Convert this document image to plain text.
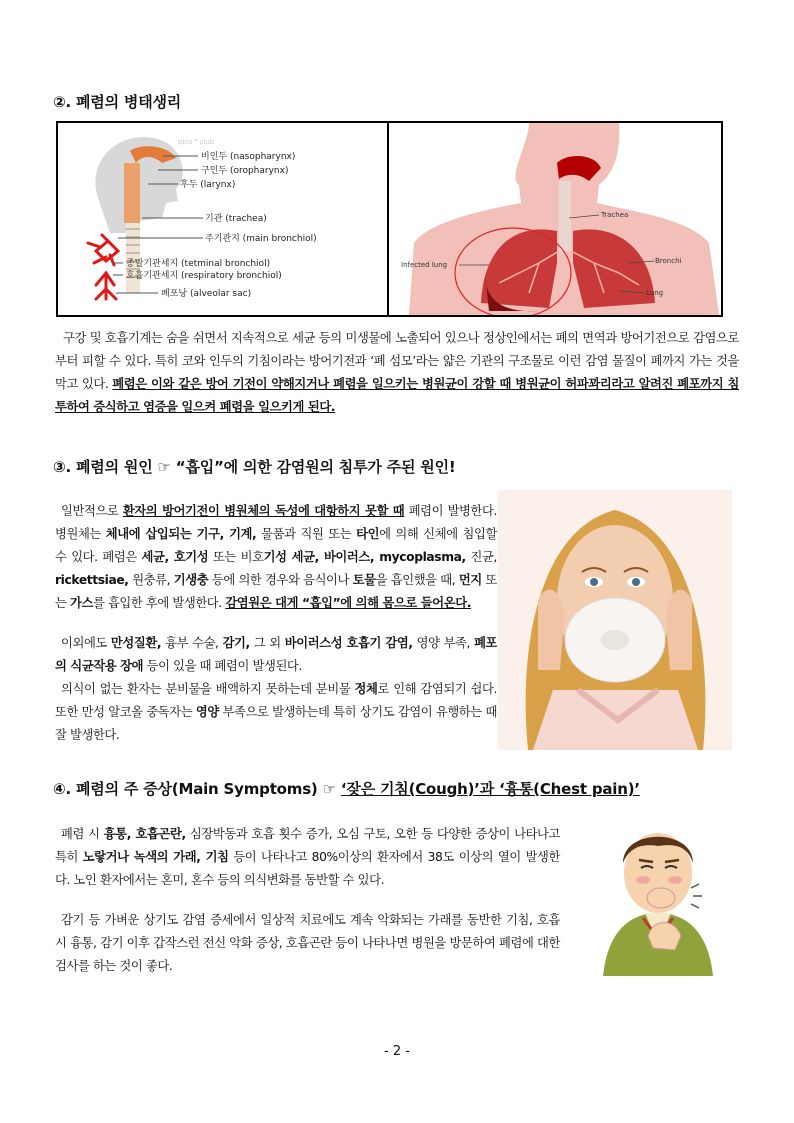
②. 폐렴의 병태생리
pico™club
비인두 (nasopharynx)
구인두 (oropharynx)
후두 (larynx)
기관 (trachea)
주기관지 (main bronchiol)
종말기관세지 (tetminal bronchiol)
호흡기관세지 (respiratory bronchiol)
폐포낭 (alveolar sac)
Trachea
Infected lung	Bronchi
Lung
구강 및 호흡기계는 숨을 쉬면서 지속적으로 세균 등의 미생물에 노출되어 있으나 정상인에서는 폐의 면역과 방어기전으로 감염으로부터 피할 수 있다. 특히 코와 인두의 기침이라는 방어기전과 ‘폐 섬모’라는 얇은 기관의 구조물로 이런 감염 물질이 폐까지 가는 것을 막고 있다. 폐렴은 이와 같은 방어 기전이 약해지거나 폐렴을 일으키는 병원균이 강할 때 병원균이 허파꽈리라고 알려진 폐포까지 침투하여 증식하고 염증을 일으켜 폐렴을 일으키게 된다.
③. 폐렴의 원인 ☞ “흡입”에 의한 감염원의 침투가 주된 원인!
일반적으로 환자의 방어기전이 병원체의 독성에 대항하지 못할 때 폐렴이 발병한다. 병원체는 체내에 삽입되는 기구, 기계, 물품과 직원 또는 타인에 의해 신체에 침입할 수 있다. 폐렴은 세균, 호기성 또는 비호기성 세균, 바이러스, mycoplasma, 진균, rickettsiae, 원충류, 기생충 등에 의한 경우와 음식이나 토물을 흡인했을 때, 먼지 또는 가스를 흡입한 후에 발생한다. 감염원은 대게 “흡입”에 의해 몸으로 들어온다.
이외에도 만성질환, 흉부 수술, 감기, 그 외 바이러스성 호흡기 감염, 영양 부족, 폐포의 식균작용 장애 등이 있을 때 폐렴이 발생된다.
의식이 없는 환자는 분비물을 배액하지 못하는데 분비물 정체로 인해 감염되기 쉽다. 또한 만성 알코올 중독자는 영양 부족으로 발생하는데 특히 상기도 감염이 유행하는 때 잘 발생한다.
④. 폐렴의 주 증상(Main Symptoms) ☞ ‘잦은 기침(Cough)’과 ‘흉통(Chest pain)’
폐렴 시 흉통, 호흡곤란, 심장박동과 호흡 횟수 증가, 오심 구토, 오한 등 다양한 증상이 나타나고 특히 노랗거나 녹색의 가래, 기침 등이 나타나고 80%이상의 환자에서 38도 이상의 열이 발생한다. 노인 환자에서는 혼미, 혼수 등의 의식변화를 동반할 수 있다.
감기 등 가벼운 상기도 감염 증세에서 일상적 치료에도 계속 악화되는 가래를 동반한 기침, 호흡 시 흉통, 감기 이후 갑작스런 전신 악화 증상, 호흡곤란 등이 나타나면 병원을 방문하여 폐렴에 대한 검사를 하는 것이 좋다.
- 2 -
